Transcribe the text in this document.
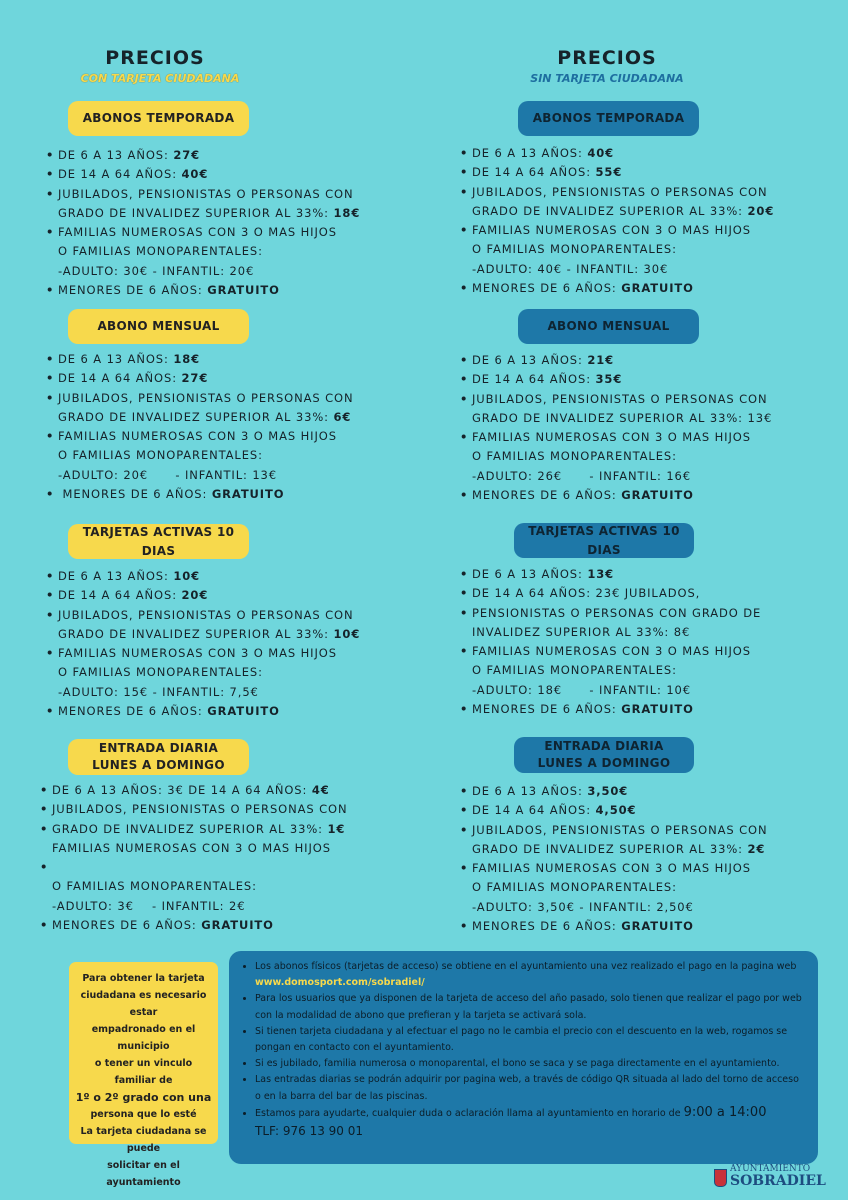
PRECIOS
CON TARJETA CIUDADANA
ABONOS TEMPORADA
• DE 6 A 13 AÑOS: 27€
• DE 14 A 64 AÑOS: 40€
• JUBILADOS, PENSIONISTAS O PERSONAS CON
GRADO DE INVALIDEZ SUPERIOR AL 33%: 18€
• FAMILIAS NUMEROSAS CON 3 O MAS HIJOS
O FAMILIAS MONOPARENTALES:
-ADULTO: 30€ - INFANTIL: 20€
• MENORES DE 6 AÑOS: GRATUITO
ABONO MENSUAL
• DE 6 A 13 AÑOS: 18€
• DE 14 A 64 AÑOS: 27€
• JUBILADOS, PENSIONISTAS O PERSONAS CON
GRADO DE INVALIDEZ SUPERIOR AL 33%: 6€
• FAMILIAS NUMEROSAS CON 3 O MAS HIJOS
O FAMILIAS MONOPARENTALES:
-ADULTO: 20€      - INFANTIL: 13€
• MENORES DE 6 AÑOS: GRATUITO
TARJETAS ACTIVAS 10 DIAS
• DE 6 A 13 AÑOS: 10€
• DE 14 A 64 AÑOS: 20€
• JUBILADOS, PENSIONISTAS O PERSONAS CON
GRADO DE INVALIDEZ SUPERIOR AL 33%: 10€
• FAMILIAS NUMEROSAS CON 3 O MAS HIJOS
O FAMILIAS MONOPARENTALES:
-ADULTO: 15€ - INFANTIL: 7,5€
• MENORES DE 6 AÑOS: GRATUITO
ENTRADA DIARIA
LUNES A DOMINGO
• DE 6 A 13 AÑOS: 3€ DE 14 A 64 AÑOS: 4€
• JUBILADOS, PENSIONISTAS O PERSONAS CON
• GRADO DE INVALIDEZ SUPERIOR AL 33%: 1€
FAMILIAS NUMEROSAS CON 3 O MAS HIJOS
•
O FAMILIAS MONOPARENTALES:
-ADULTO: 3€    - INFANTIL: 2€
• MENORES DE 6 AÑOS: GRATUITO
PRECIOS
SIN TARJETA CIUDADANA
ABONOS TEMPORADA
• DE 6 A 13 AÑOS: 40€
• DE 14 A 64 AÑOS: 55€
• JUBILADOS, PENSIONISTAS O PERSONAS CON
GRADO DE INVALIDEZ SUPERIOR AL 33%: 20€
• FAMILIAS NUMEROSAS CON 3 O MAS HIJOS
O FAMILIAS MONOPARENTALES:
-ADULTO: 40€ - INFANTIL: 30€
• MENORES DE 6 AÑOS: GRATUITO
ABONO MENSUAL
• DE 6 A 13 AÑOS: 21€
• DE 14 A 64 AÑOS: 35€
• JUBILADOS, PENSIONISTAS O PERSONAS CON
GRADO DE INVALIDEZ SUPERIOR AL 33%: 13€
• FAMILIAS NUMEROSAS CON 3 O MAS HIJOS
O FAMILIAS MONOPARENTALES:
-ADULTO: 26€      - INFANTIL: 16€
• MENORES DE 6 AÑOS: GRATUITO
TARJETAS ACTIVAS 10 DIAS
• DE 6 A 13 AÑOS: 13€
• DE 14 A 64 AÑOS: 23€ JUBILADOS,
• PENSIONISTAS O PERSONAS CON GRADO DE
INVALIDEZ SUPERIOR AL 33%: 8€
• FAMILIAS NUMEROSAS CON 3 O MAS HIJOS
O FAMILIAS MONOPARENTALES:
-ADULTO: 18€      - INFANTIL: 10€
• MENORES DE 6 AÑOS: GRATUITO
ENTRADA DIARIA
LUNES A DOMINGO
• DE 6 A 13 AÑOS: 3,50€
• DE 14 A 64 AÑOS: 4,50€
• JUBILADOS, PENSIONISTAS O PERSONAS CON
GRADO DE INVALIDEZ SUPERIOR AL 33%: 2€
• FAMILIAS NUMEROSAS CON 3 O MAS HIJOS
O FAMILIAS MONOPARENTALES:
-ADULTO: 3,50€ - INFANTIL: 2,50€
• MENORES DE 6 AÑOS: GRATUITO
Para obtener la tarjeta
ciudadana es necesario estar
empadronado en el municipio
o tener un vinculo familiar de
1º o 2º grado con una
persona que lo esté
La tarjeta ciudadana se puede
solicitar en el ayuntamiento
• Los abonos físicos (tarjetas de acceso) se obtiene en el ayuntamiento una vez realizado el pago en la pagina web
www.domosport.com/sobradiel/
• Para los usuarios que ya disponen de la tarjeta de acceso del año pasado, solo tienen que realizar el pago por web con la modalidad de abono que prefieran y la tarjeta se activará sola.
• Si tienen tarjeta ciudadana y al efectuar el pago no le cambia el precio con el descuento en la web, rogamos se pongan en contacto con el ayuntamiento.
• Si es jubilado, familia numerosa o monoparental, el bono se saca y se paga directamente en el ayuntamiento.
• Las entradas diarias se podrán adquirir por pagina web, a través de código QR situada al lado del torno de acceso o en la barra del bar de las piscinas.
• Estamos para ayudarte, cualquier duda o aclaración llama al ayuntamiento en horario de 9:00 a 14:00
TLF: 976 13 90 01
AYUNTAMIENTO
SOBRADIEL
